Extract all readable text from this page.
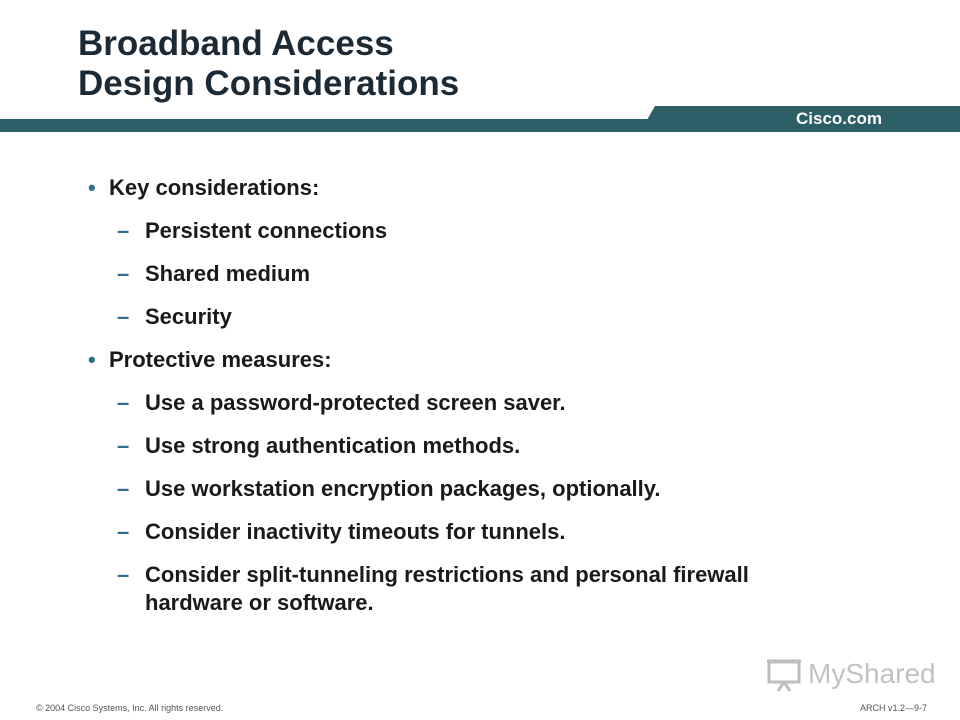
Broadband Access
Design Considerations
Cisco.com
• Key considerations:
– Persistent connections
– Shared medium
– Security
• Protective measures:
– Use a password-protected screen saver.
– Use strong authentication methods.
– Use workstation encryption packages, optionally.
– Consider inactivity timeouts for tunnels.
– Consider split-tunneling restrictions and personal firewall hardware or software.
MyShared
© 2004 Cisco Systems, Inc. All rights reserved.	ARCH v1.2—9-7
